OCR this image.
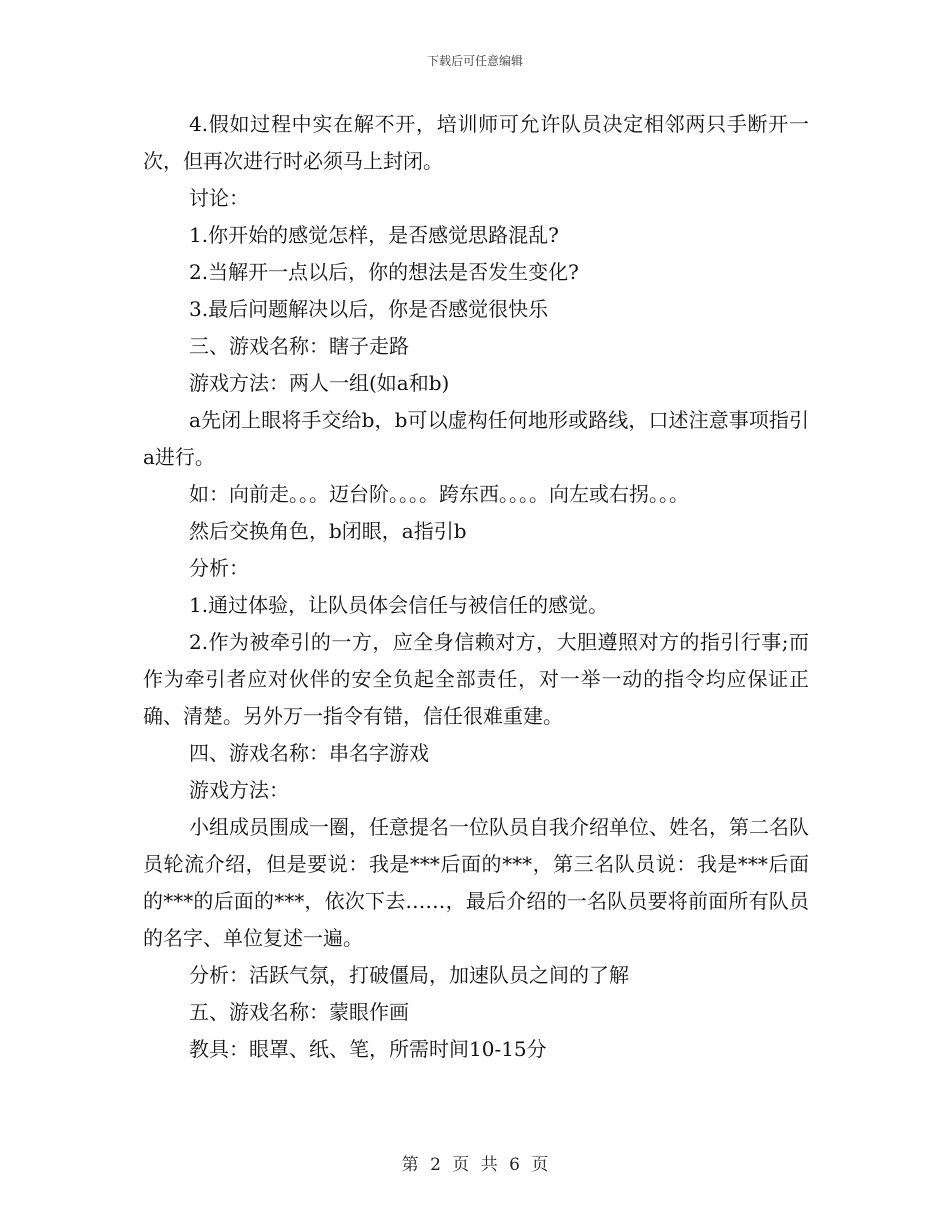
下载后可任意编辑

4.假如过程中实在解不开，培训师可允许队员决定相邻两只手断开一次，但再次进行时必须马上封闭。

讨论：

1.你开始的感觉怎样，是否感觉思路混乱?

2.当解开一点以后，你的想法是否发生变化?

3.最后问题解决以后，你是否感觉很快乐

三、游戏名称：瞎子走路

游戏方法：两人一组(如a和b)

a先闭上眼将手交给b，b可以虚构任何地形或路线，口述注意事项指引a进行。

如：向前走。。。迈台阶。。。。跨东西。。。。向左或右拐。。。

然后交换角色，b闭眼，a指引b

分析：

1.通过体验，让队员体会信任与被信任的感觉。

2.作为被牵引的一方，应全身信赖对方，大胆遵照对方的指引行事;而作为牵引者应对伙伴的安全负起全部责任，对一举一动的指令均应保证正确、清楚。另外万一指令有错，信任很难重建。

四、游戏名称：串名字游戏

游戏方法：

小组成员围成一圈，任意提名一位队员自我介绍单位、姓名，第二名队员轮流介绍，但是要说：我是***后面的***，第三名队员说：我是***后面的***的后面的***，依次下去……，最后介绍的一名队员要将前面所有队员的名字、单位复述一遍。

分析：活跃气氛，打破僵局，加速队员之间的了解

五、游戏名称：蒙眼作画

教具：眼罩、纸、笔，所需时间10-15分

第 2 页 共 6 页
